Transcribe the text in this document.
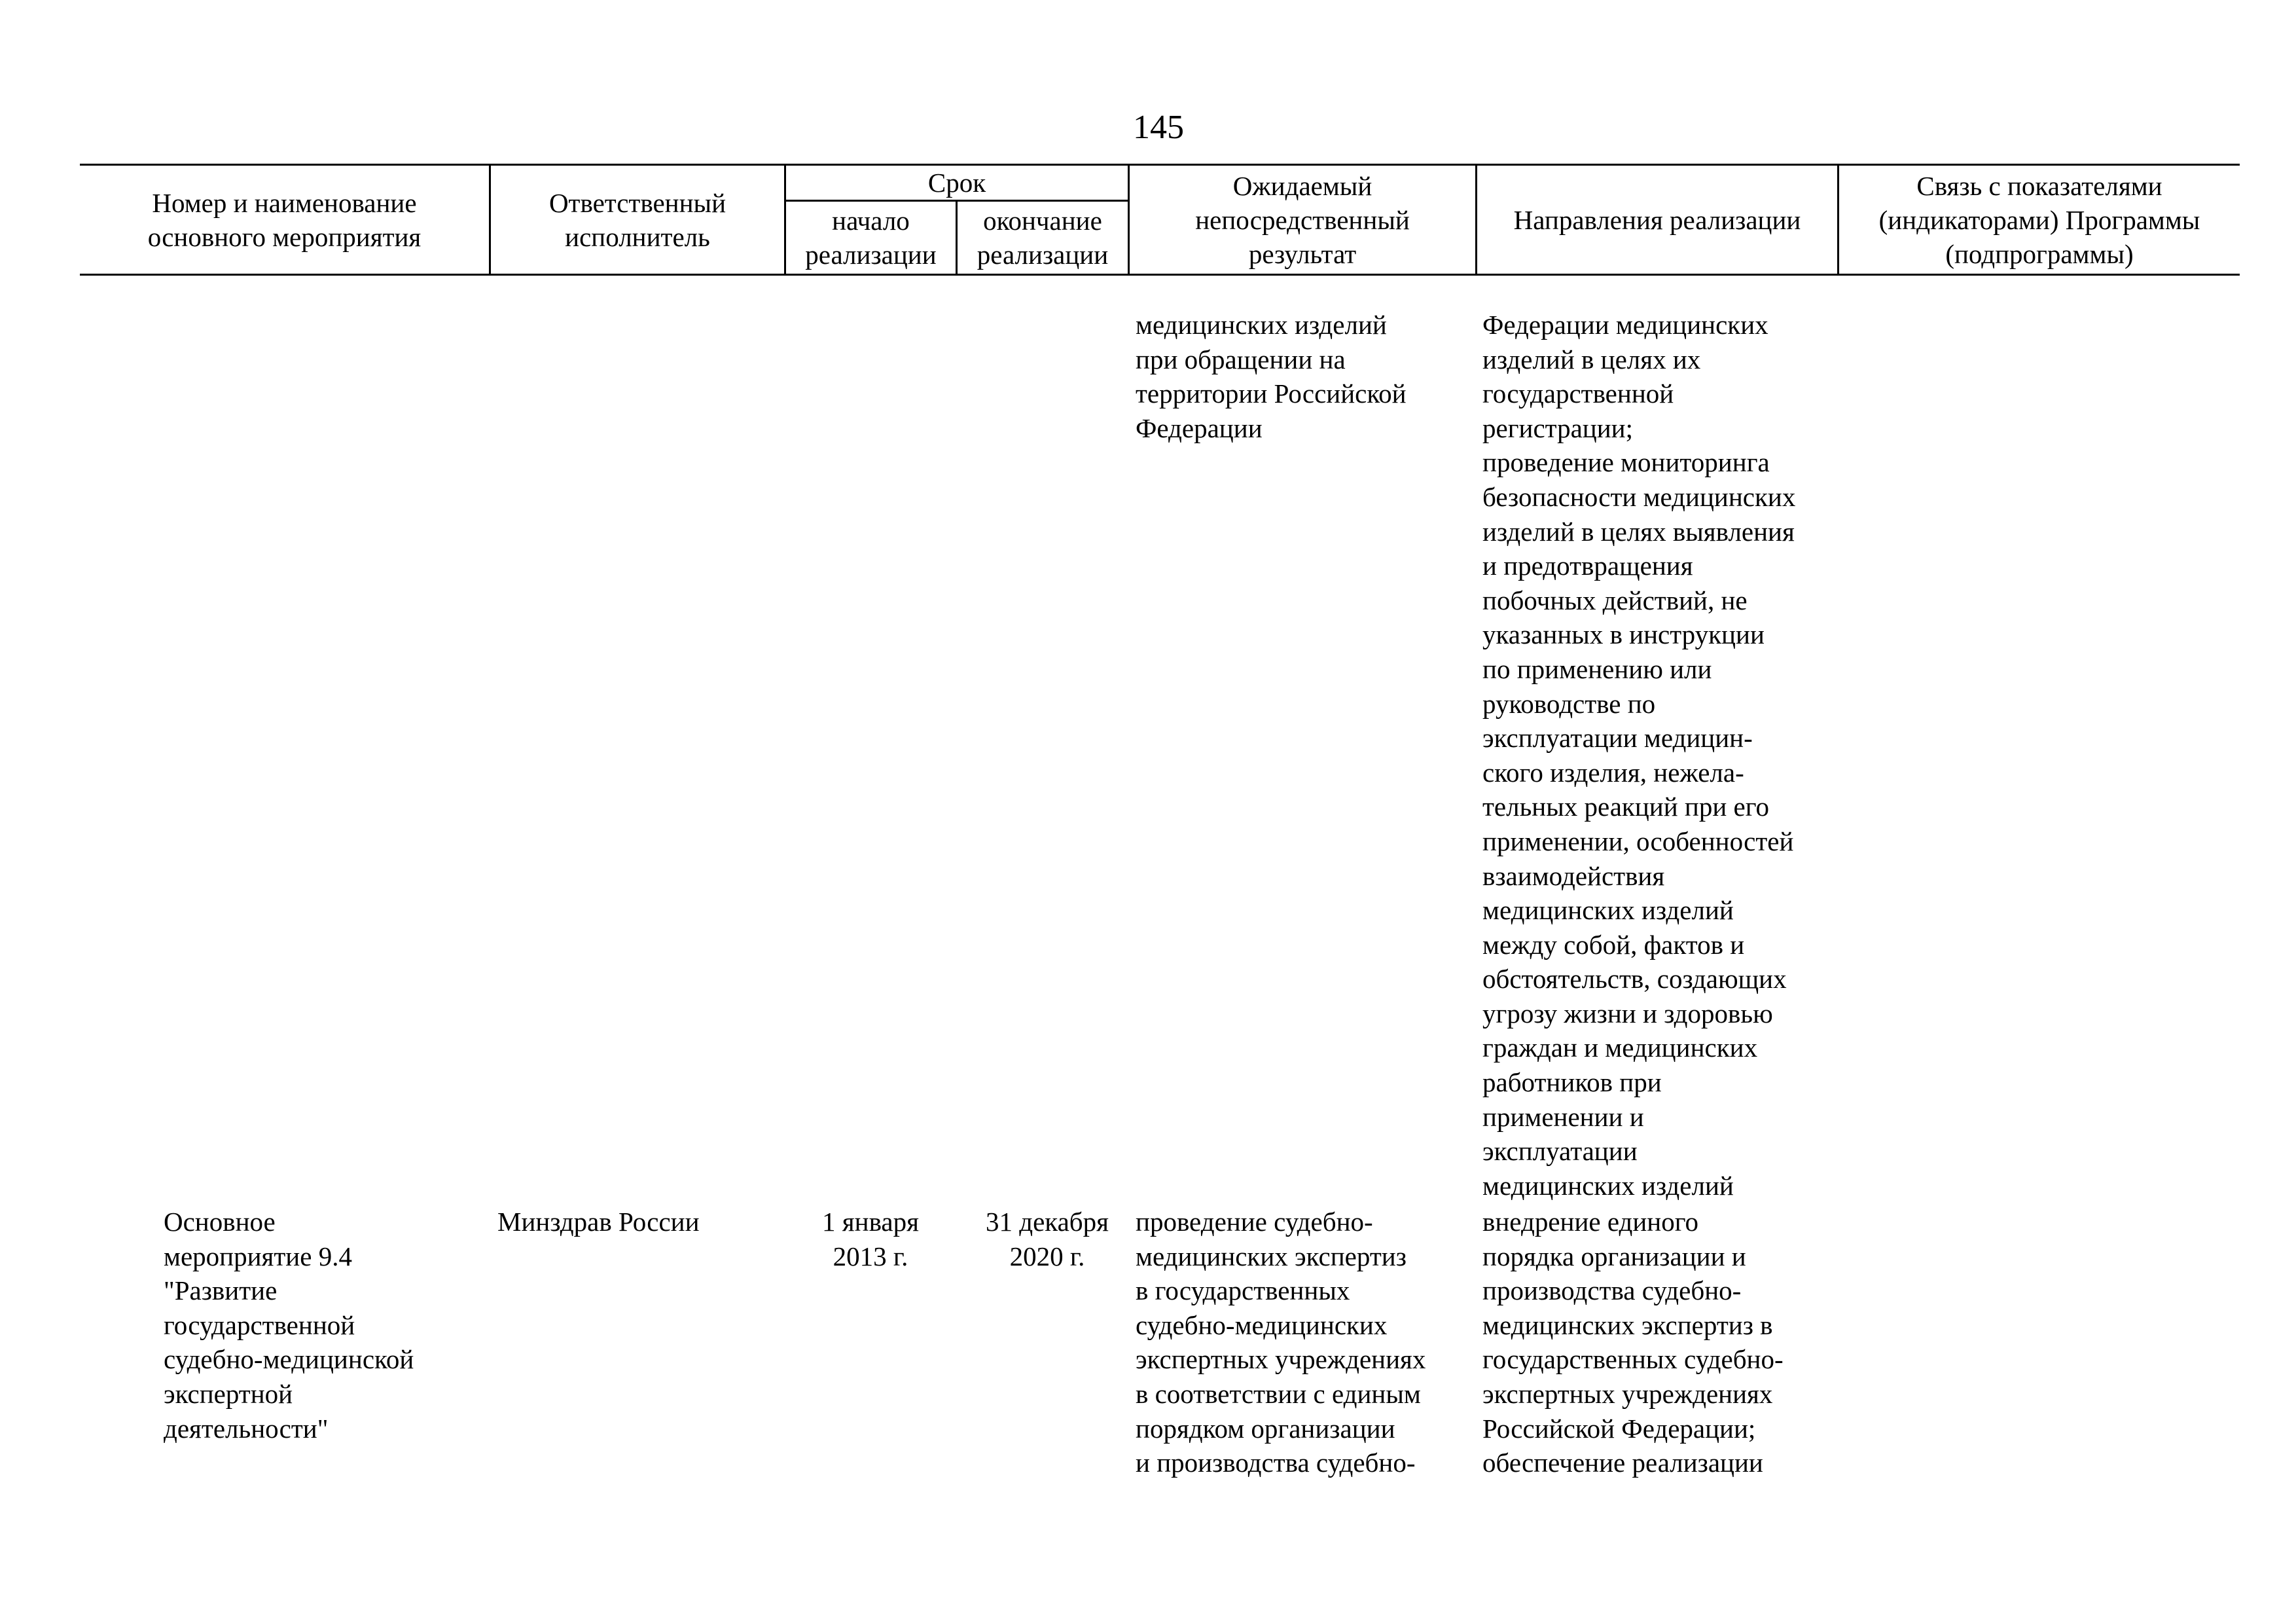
145
Номер и наименование
основного мероприятия
Ответственный
исполнитель
Срок
начало
реализации
окончание
реализации
Ожидаемый
непосредственный
результат
Направления реализации
Связь с показателями
(индикаторами) Программы
(подпрограммы)
медицинских изделий
при обращении на
территории Российской
Федерации
Федерации медицинских
изделий в целях их
государственной
регистрации;
проведение мониторинга
безопасности медицинских
изделий в целях выявления
и предотвращения
побочных действий, не
указанных в инструкции
по применению или
руководстве по
эксплуатации медицин-
ского изделия, нежела-
тельных реакций при его
применении, особенностей
взаимодействия
медицинских изделий
между собой, фактов и
обстоятельств, создающих
угрозу жизни и здоровью
граждан и медицинских
работников при
применении и
эксплуатации
медицинских изделий
Основное
мероприятие 9.4
"Развитие
государственной
судебно-медицинской
экспертной
деятельности"
Минздрав России	1 января
2013 г.
31 декабря
2020 г.
проведение судебно-
медицинских экспертиз
в государственных
судебно-медицинских
экспертных учреждениях
в соответствии с единым
порядком организации
и производства судебно-
внедрение единого
порядка организации и
производства судебно-
медицинских экспертиз в
государственных судебно-
экспертных учреждениях
Российской Федерации;
обеспечение реализации
